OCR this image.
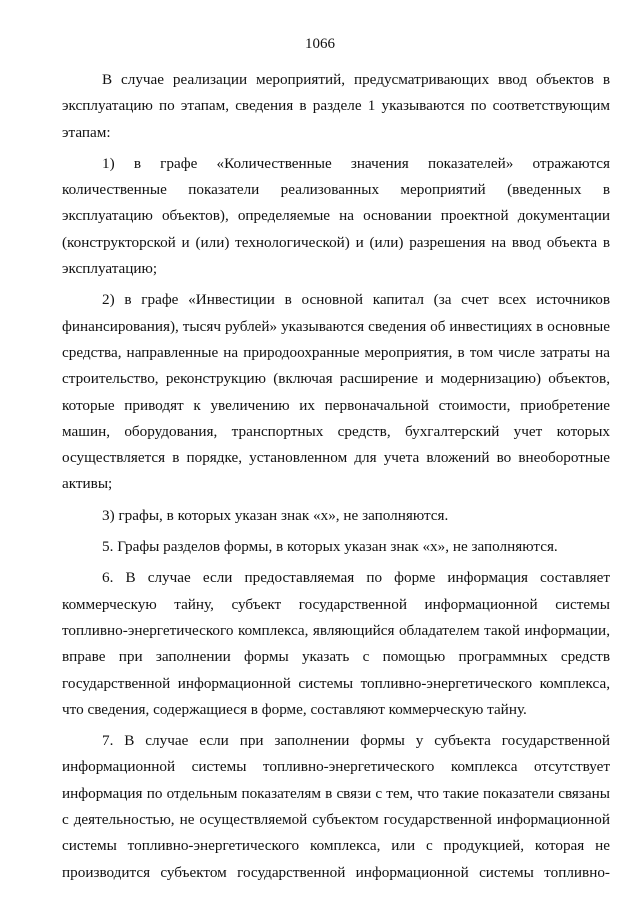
1066

В случае реализации мероприятий, предусматривающих ввод объектов в эксплуатацию по этапам, сведения в разделе 1 указываются по соответствующим этапам:

1) в графе «Количественные значения показателей» отражаются количественные показатели реализованных мероприятий (введенных в эксплуатацию объектов), определяемые на основании проектной документации (конструкторской и (или) технологической) и (или) разрешения на ввод объекта в эксплуатацию;

2) в графе «Инвестиции в основной капитал (за счет всех источников финансирования), тысяч рублей» указываются сведения об инвестициях в основные средства, направленные на природоохранные мероприятия, в том числе затраты на строительство, реконструкцию (включая расширение и модернизацию) объектов, которые приводят к увеличению их первоначальной стоимости, приобретение машин, оборудования, транспортных средств, бухгалтерский учет которых осуществляется в порядке, установленном для учета вложений во внеоборотные активы;

3) графы, в которых указан знак «х», не заполняются.

5. Графы разделов формы, в которых указан знак «х», не заполняются.

6. В случае если предоставляемая по форме информация составляет коммерческую тайну, субъект государственной информационной системы топливно-энергетического комплекса, являющийся обладателем такой информации, вправе при заполнении формы указать с помощью программных средств государственной информационной системы топливно-энергетического комплекса, что сведения, содержащиеся в форме, составляют коммерческую тайну.

7. В случае если при заполнении формы у субъекта государственной информационной системы топливно-энергетического комплекса отсутствует информация по отдельным показателям в связи с тем, что такие показатели связаны с деятельностью, не осуществляемой субъектом государственной информационной системы топливно-энергетического комплекса, или с продукцией, которая не производится субъектом государственной информационной системы топливно-
